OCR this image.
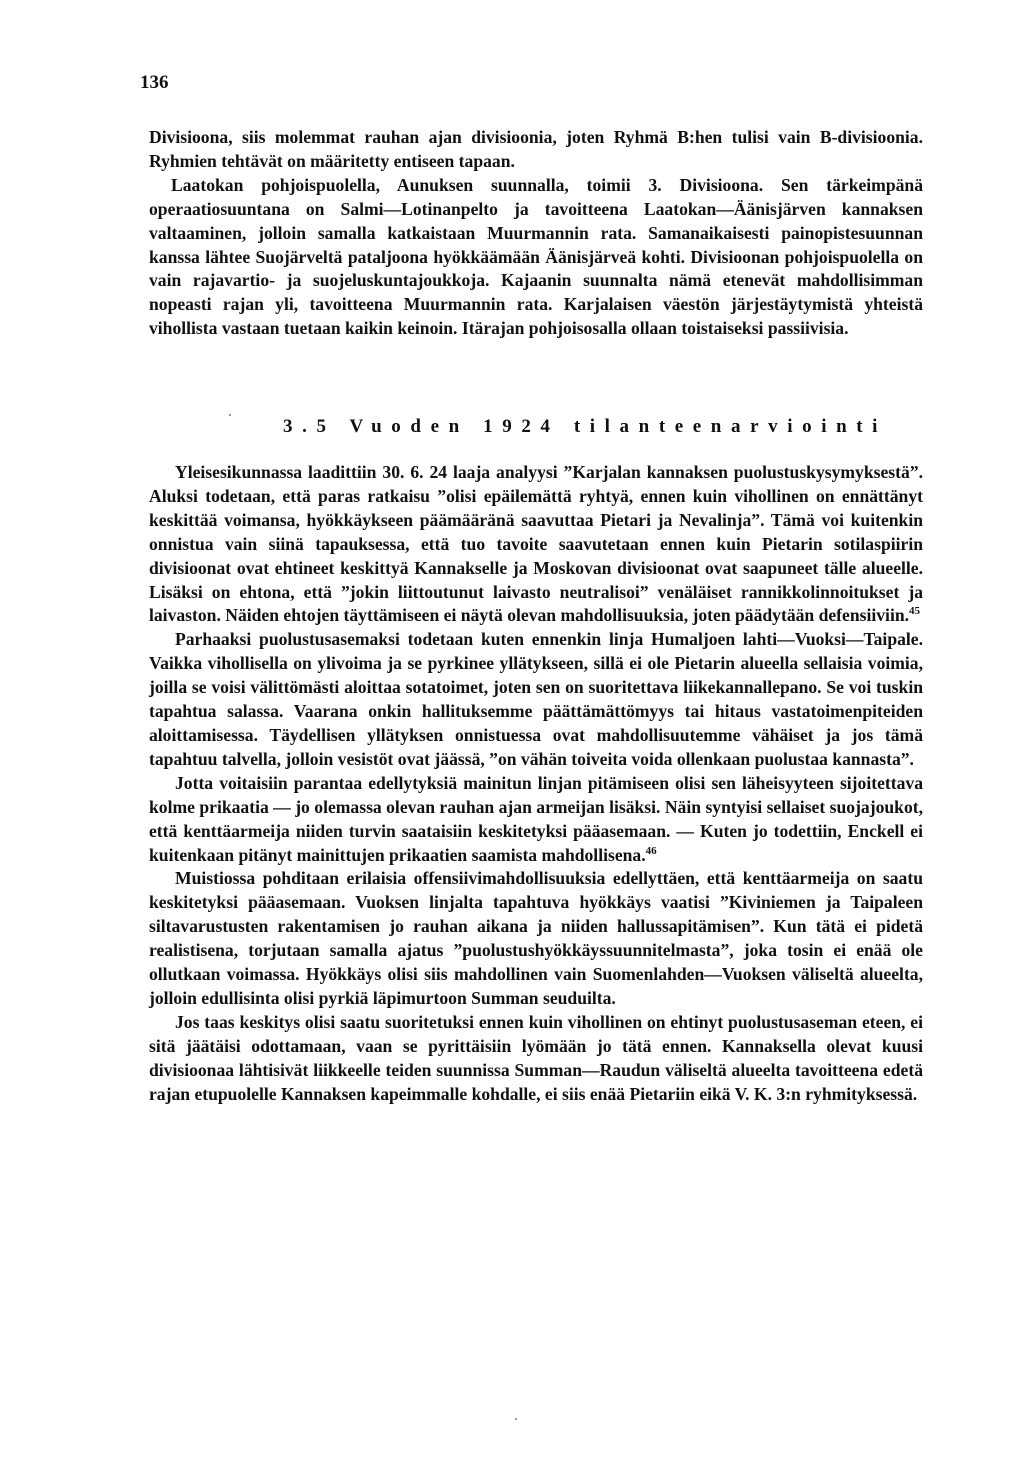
136

Divisioona, siis molemmat rauhan ajan divisioonia, joten Ryhmä B:hen tulisi vain B-divisioonia. Ryhmien tehtävät on määritetty entiseen tapaan.

Laatokan pohjoispuolella, Aunuksen suunnalla, toimii 3. Divisioona. Sen tärkeimpänä operaatiosuuntana on Salmi—Lotinanpelto ja tavoitteena Laatokan—Äänisjärven kannaksen valtaaminen, jolloin samalla katkaistaan Muurmannin rata. Samanaikaisesti painopistesuunnan kanssa lähtee Suojärveltä pataljoona hyökkäämään Äänisjärveä kohti. Divisioonan pohjoispuolella on vain rajavartio- ja suojeluskuntajoukkoja. Kajaanin suunnalta nämä etenevät mahdollisimman nopeasti rajan yli, tavoitteena Muurmannin rata. Karjalaisen väestön järjestäytymistä yhteistä vihollista vastaan tuetaan kaikin keinoin. Itärajan pohjoisosalla ollaan toistaiseksi passiivisia.

3.5 Vuoden 1924 tilanteenarviointi

Yleisesikunnassa laadittiin 30. 6. 24 laaja analyysi ”Karjalan kannaksen puolustuskysymyksestä”. Aluksi todetaan, että paras ratkaisu ”olisi epäilemättä ryhtyä, ennen kuin vihollinen on ennättänyt keskittää voimansa, hyökkäykseen päämääränä saavuttaa Pietari ja Nevalinja”. Tämä voi kuitenkin onnistua vain siinä tapauksessa, että tuo tavoite saavutetaan ennen kuin Pietarin sotilaspiirin divisioonat ovat ehtineet keskittyä Kannakselle ja Moskovan divisioonat ovat saapuneet tälle alueelle. Lisäksi on ehtona, että ”jokin liittoutunut laivasto neutralisoi” venäläiset rannikkolinnoitukset ja laivaston. Näiden ehtojen täyttämiseen ei näytä olevan mahdollisuuksia, joten päädytään defensiiviin.$^{45}$

Parhaaksi puolustusasemaksi todetaan kuten ennenkin linja Humaljoen lahti—Vuoksi—Taipale. Vaikka vihollisella on ylivoima ja se pyrkinee yllätykseen, sillä ei ole Pietarin alueella sellaisia voimia, joilla se voisi välittömästi aloittaa sotatoimet, joten sen on suoritettava liikekannallepano. Se voi tuskin tapahtua salassa. Vaarana onkin hallituksemme päättämättömyys tai hitaus vastatoimenpiteiden aloittamisessa. Täydellisen yllätyksen onnistuessa ovat mahdollisuutemme vähäiset ja jos tämä tapahtuu talvella, jolloin vesistöt ovat jäässä, ”on vähän toiveita voida ollenkaan puolustaa kannasta”.

Jotta voitaisiin parantaa edellytyksiä mainitun linjan pitämiseen olisi sen läheisyyteen sijoitettava kolme prikaatia — jo olemassa olevan rauhan ajan armeijan lisäksi. Näin syntyisi sellaiset suojajoukot, että kenttäarmeija niiden turvin saataisiin keskitetyksi pääasemaan. — Kuten jo todettiin, Enckell ei kuitenkaan pitänyt mainittujen prikaatien saamista mahdollisena.$^{46}$

Muistiossa pohditaan erilaisia offensiivimahdollisuuksia edellyttäen, että kenttäarmeija on saatu keskitetyksi pääasemaan. Vuoksen linjalta tapahtuva hyökkäys vaatisi ”Kiviniemen ja Taipaleen siltavarustusten rakentamisen jo rauhan aikana ja niiden hallussapitämisen”. Kun tätä ei pidetä realistisena, torjutaan samalla ajatus ”puolustushyökkäyssuunnitelmasta”, joka tosin ei enää ole ollutkaan voimassa. Hyökkäys olisi siis mahdollinen vain Suomenlahden—Vuoksen väliseltä alueelta, jolloin edullisinta olisi pyrkiä läpimurtoon Summan seuduilta.

Jos taas keskitys olisi saatu suoritetuksi ennen kuin vihollinen on ehtinyt puolustusaseman eteen, ei sitä jäätäisi odottamaan, vaan se pyrittäisiin lyömään jo tätä ennen. Kannaksella olevat kuusi divisioonaa lähtisivät liikkeelle teiden suunnissa Summan—Raudun väliseltä alueelta tavoitteena edetä rajan etupuolelle Kannaksen kapeimmalle kohdalle, ei siis enää Pietariin eikä V. K. 3:n ryhmityksessä.
